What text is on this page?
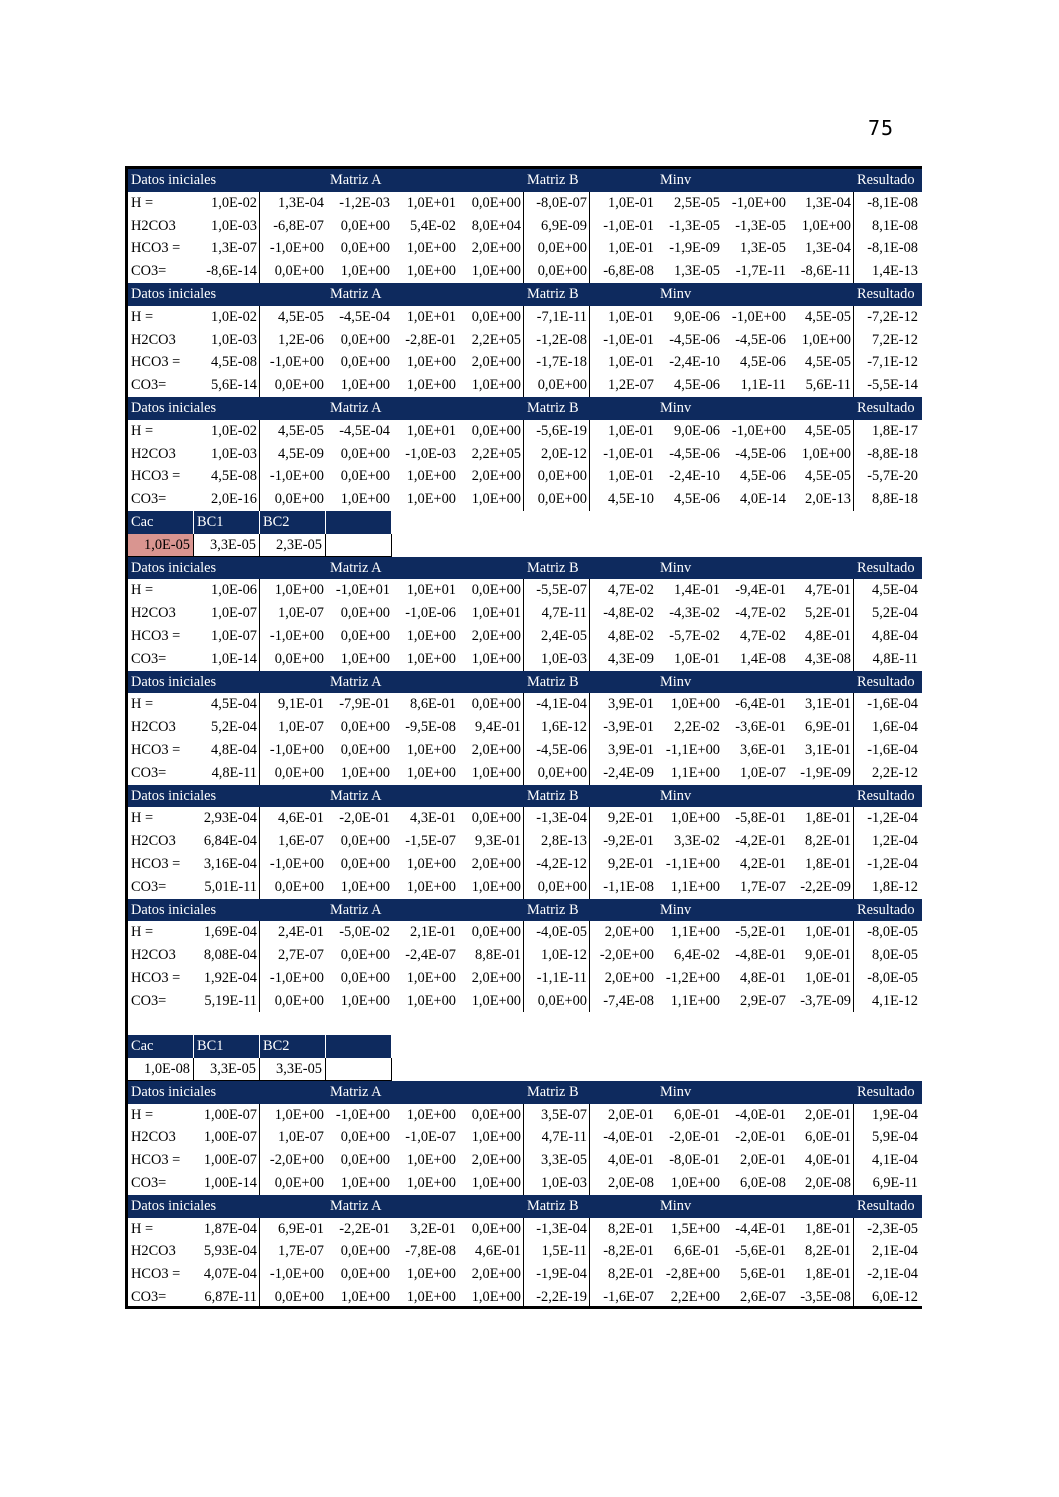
75
Datos iniciales	Matriz A	Matriz B	Minv	Resultado
H =	1,0E-02	1,3E-04	-1,2E-03	1,0E+01	0,0E+00	-8,0E-07	1,0E-01	2,5E-05 -1,0E+00	1,3E-04	-8,1E-08
H2CO3	1,0E-03	-6,8E-07	0,0E+00	5,4E-02	8,0E+04	6,9E-09	-1,0E-01	-1,3E-05	-1,3E-05	1,0E+00	8,1E-08
HCO3 =	1,3E-07 -1,0E+00	0,0E+00	1,0E+00	2,0E+00	0,0E+00	1,0E-01	-1,9E-09	1,3E-05	1,3E-04	-8,1E-08
CO3=	-8,6E-14	0,0E+00	1,0E+00	1,0E+00	1,0E+00	0,0E+00	-6,8E-08	1,3E-05	-1,7E-11	-8,6E-11	1,4E-13
Datos iniciales	Matriz A	Matriz B	Minv	Resultado
H =	1,0E-02	4,5E-05	-4,5E-04	1,0E+01	0,0E+00	-7,1E-11	1,0E-01	9,0E-06 -1,0E+00	4,5E-05	-7,2E-12
H2CO3	1,0E-03	1,2E-06	0,0E+00	-2,8E-01	2,2E+05	-1,2E-08	-1,0E-01	-4,5E-06	-4,5E-06	1,0E+00	7,2E-12
HCO3 =	4,5E-08 -1,0E+00	0,0E+00	1,0E+00	2,0E+00	-1,7E-18	1,0E-01	-2,4E-10	4,5E-06	4,5E-05	-7,1E-12
CO3=	5,6E-14	0,0E+00	1,0E+00	1,0E+00	1,0E+00	0,0E+00	1,2E-07	4,5E-06	1,1E-11	5,6E-11	-5,5E-14
Datos iniciales	Matriz A	Matriz B	Minv	Resultado
H =	1,0E-02	4,5E-05	-4,5E-04	1,0E+01	0,0E+00	-5,6E-19	1,0E-01	9,0E-06 -1,0E+00	4,5E-05	1,8E-17
H2CO3	1,0E-03	4,5E-09	0,0E+00	-1,0E-03	2,2E+05	2,0E-12	-1,0E-01	-4,5E-06	-4,5E-06	1,0E+00	-8,8E-18
HCO3 =	4,5E-08 -1,0E+00	0,0E+00	1,0E+00	2,0E+00	0,0E+00	1,0E-01	-2,4E-10	4,5E-06	4,5E-05	-5,7E-20
CO3=	2,0E-16	0,0E+00	1,0E+00	1,0E+00	1,0E+00	0,0E+00	4,5E-10	4,5E-06	4,0E-14	2,0E-13	8,8E-18
Cac	BC1	BC2
1,0E-05	3,3E-05	2,3E-05
Datos iniciales	Matriz A	Matriz B	Minv	Resultado
H =	1,0E-06	1,0E+00 -1,0E+01	1,0E+01	0,0E+00	-5,5E-07	4,7E-02	1,4E-01	-9,4E-01	4,7E-01	4,5E-04
H2CO3	1,0E-07	1,0E-07	0,0E+00	-1,0E-06	1,0E+01	4,7E-11	-4,8E-02	-4,3E-02	-4,7E-02	5,2E-01	5,2E-04
HCO3 =	1,0E-07 -1,0E+00	0,0E+00	1,0E+00	2,0E+00	2,4E-05	4,8E-02	-5,7E-02	4,7E-02	4,8E-01	4,8E-04
CO3=	1,0E-14	0,0E+00	1,0E+00	1,0E+00	1,0E+00	1,0E-03	4,3E-09	1,0E-01	1,4E-08	4,3E-08	4,8E-11
Datos iniciales	Matriz A	Matriz B	Minv	Resultado
H =	4,5E-04	9,1E-01	-7,9E-01	8,6E-01	0,0E+00	-4,1E-04	3,9E-01	1,0E+00	-6,4E-01	3,1E-01	-1,6E-04
H2CO3	5,2E-04	1,0E-07	0,0E+00	-9,5E-08	9,4E-01	1,6E-12	-3,9E-01	2,2E-02	-3,6E-01	6,9E-01	1,6E-04
HCO3 =	4,8E-04 -1,0E+00	0,0E+00	1,0E+00	2,0E+00	-4,5E-06	3,9E-01 -1,1E+00	3,6E-01	3,1E-01	-1,6E-04
CO3=	4,8E-11	0,0E+00	1,0E+00	1,0E+00	1,0E+00	0,0E+00	-2,4E-09	1,1E+00	1,0E-07 -1,9E-09	2,2E-12
Datos iniciales	Matriz A	Matriz B	Minv	Resultado
H =	2,93E-04	4,6E-01	-2,0E-01	4,3E-01	0,0E+00	-1,3E-04	9,2E-01	1,0E+00	-5,8E-01	1,8E-01	-1,2E-04
H2CO3	6,84E-04	1,6E-07	0,0E+00	-1,5E-07	9,3E-01	2,8E-13	-9,2E-01	3,3E-02	-4,2E-01	8,2E-01	1,2E-04
HCO3 =	3,16E-04 -1,0E+00	0,0E+00	1,0E+00	2,0E+00	-4,2E-12	9,2E-01 -1,1E+00	4,2E-01	1,8E-01	-1,2E-04
CO3=	5,01E-11	0,0E+00	1,0E+00	1,0E+00	1,0E+00	0,0E+00	-1,1E-08	1,1E+00	1,7E-07 -2,2E-09	1,8E-12
Datos iniciales	Matriz A	Matriz B	Minv	Resultado
H =	1,69E-04	2,4E-01	-5,0E-02	2,1E-01	0,0E+00	-4,0E-05	2,0E+00	1,1E+00	-5,2E-01	1,0E-01	-8,0E-05
H2CO3	8,08E-04	2,7E-07	0,0E+00	-2,4E-07	8,8E-01	1,0E-12 -2,0E+00	6,4E-02	-4,8E-01	9,0E-01	8,0E-05
HCO3 =	1,92E-04 -1,0E+00	0,0E+00	1,0E+00	2,0E+00	-1,1E-11	2,0E+00 -1,2E+00	4,8E-01	1,0E-01	-8,0E-05
CO3=	5,19E-11	0,0E+00	1,0E+00	1,0E+00	1,0E+00	0,0E+00	-7,4E-08	1,1E+00	2,9E-07 -3,7E-09	4,1E-12
Cac	BC1	BC2
1,0E-08	3,3E-05	3,3E-05
Datos iniciales	Matriz A	Matriz B	Minv	Resultado
H =	1,00E-07	1,0E+00 -1,0E+00	1,0E+00	0,0E+00	3,5E-07	2,0E-01	6,0E-01	-4,0E-01	2,0E-01	1,9E-04
H2CO3	1,00E-07	1,0E-07	0,0E+00	-1,0E-07	1,0E+00	4,7E-11	-4,0E-01	-2,0E-01	-2,0E-01	6,0E-01	5,9E-04
HCO3 =	1,00E-07 -2,0E+00	0,0E+00	1,0E+00	2,0E+00	3,3E-05	4,0E-01	-8,0E-01	2,0E-01	4,0E-01	4,1E-04
CO3=	1,00E-14	0,0E+00	1,0E+00	1,0E+00	1,0E+00	1,0E-03	2,0E-08	1,0E+00	6,0E-08	2,0E-08	6,9E-11
Datos iniciales	Matriz A	Matriz B	Minv	Resultado
H =	1,87E-04	6,9E-01	-2,2E-01	3,2E-01	0,0E+00	-1,3E-04	8,2E-01	1,5E+00	-4,4E-01	1,8E-01	-2,3E-05
H2CO3	5,93E-04	1,7E-07	0,0E+00	-7,8E-08	4,6E-01	1,5E-11	-8,2E-01	6,6E-01	-5,6E-01	8,2E-01	2,1E-04
HCO3 =	4,07E-04 -1,0E+00	0,0E+00	1,0E+00	2,0E+00	-1,9E-04	8,2E-01 -2,8E+00	5,6E-01	1,8E-01	-2,1E-04
CO3=	6,87E-11	0,0E+00	1,0E+00	1,0E+00	1,0E+00	-2,2E-19	-1,6E-07	2,2E+00	2,6E-07 -3,5E-08	6,0E-12
